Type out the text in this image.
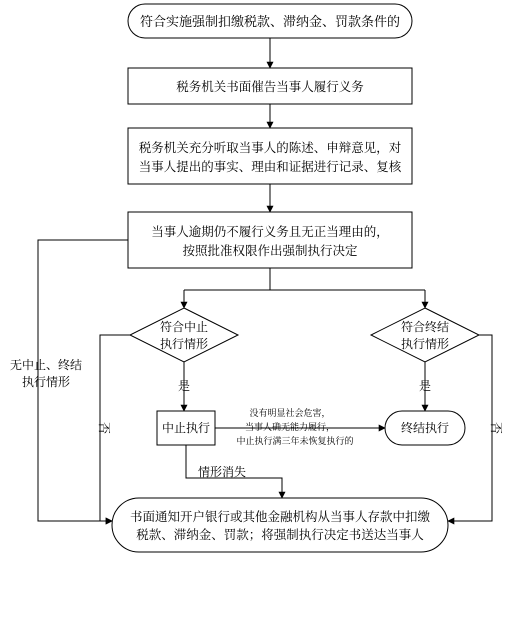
符合实施强制扣缴税款、滞纳金、罚款条件的
税务机关书面催告当事人履行义务
税务机关充分听取当事人的陈述、申辩意见，对
当事人提出的事实、理由和证据进行记录、复核
当事人逾期仍不履行义务且无正当理由的，
按照批准权限作出强制执行决定
符合中止
执行情形
符合终结
执行情形
是	是
中止执行	终结执行
没有明显社会危害，
当事人确无能力履行，
中止执行满三年未恢复执行的
情形消失
无中止、终结
执行情形
否	否
书面通知开户银行或其他金融机构从当事人存款中扣缴
税款、滞纳金、罚款；将强制执行决定书送达当事人
